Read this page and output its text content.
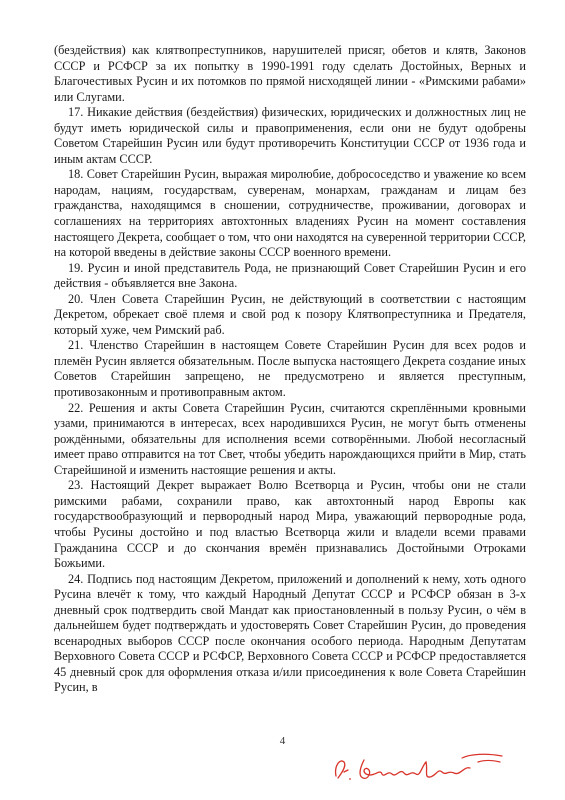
(бездействия) как клятвопреступников, нарушителей присяг, обетов и клятв, Законов СССР и РСФСР за их попытку в 1990-1991 году сделать Достойных, Верных и Благочестивых Русин и их потомков по прямой нисходящей линии - «Римскими рабами» или Слугами.

17. Никакие действия (бездействия) физических, юридических и должностных лиц не будут иметь юридической силы и правоприменения, если они не будут одобрены Советом Старейшин Русин или будут противоречить Конституции СССР от 1936 года и иным актам СССР.

18. Совет Старейшин Русин, выражая миролюбие, добрососедство и уважение ко всем народам, нациям, государствам, суверенам, монархам, гражданам и лицам без гражданства, находящимся в сношении, сотрудничестве, проживании, договорах и соглашениях на территориях автохтонных владениях Русин на момент составления настоящего Декрета, сообщает о том, что они находятся на суверенной территории СССР, на которой введены в действие законы СССР военного времени.

19. Русин и иной представитель Рода, не признающий Совет Старейшин Русин и его действия - объявляется вне Закона.

20. Член Совета Старейшин Русин, не действующий в соответствии с настоящим Декретом, обрекает своё племя и свой род к позору Клятвопреступника и Предателя, который хуже, чем Римский раб.

21. Членство Старейшин в настоящем Совете Старейшин Русин для всех родов и племён Русин является обязательным. После выпуска настоящего Декрета создание иных Советов Старейшин запрещено, не предусмотрено и является преступным, противозаконным и противоправным актом.

22. Решения и акты Совета Старейшин Русин, считаются скреплёнными кровными узами, принимаются в интересах, всех народившихся Русин, не могут быть отменены рождёнными, обязательны для исполнения всеми сотворёнными. Любой несогласный имеет право отправится на тот Свет, чтобы убедить нарождающихся прийти в Мир, стать Старейшиной и изменить настоящие решения и акты.

23. Настоящий Декрет выражает Волю Всетворца и Русин, чтобы они не стали римскими рабами, сохранили право, как автохтонный народ Европы как государствообразующий и первородный народ Мира, уважающий первородные рода, чтобы Русины достойно и под властью Всетворца жили и владели всеми правами Гражданина СССР и до скончания времён признавались Достойными Отроками Божьими.

24. Подпись под настоящим Декретом, приложений и дополнений к нему, хоть одного Русина влечёт к тому, что каждый Народный Депутат СССР и РСФСР обязан в 3-х дневный срок подтвердить свой Мандат как приостановленный в пользу Русин, о чём в дальнейшем будет подтверждать и удостоверять Совет Старейшин Русин, до проведения всенародных выборов СССР после окончания особого периода. Народным Депутатам Верховного Совета СССР и РСФСР, Верховного Совета СССР и РСФСР предоставляется 45 дневный срок для оформления отказа и/или присоединения к воле Совета Старейшин Русин, в

4
